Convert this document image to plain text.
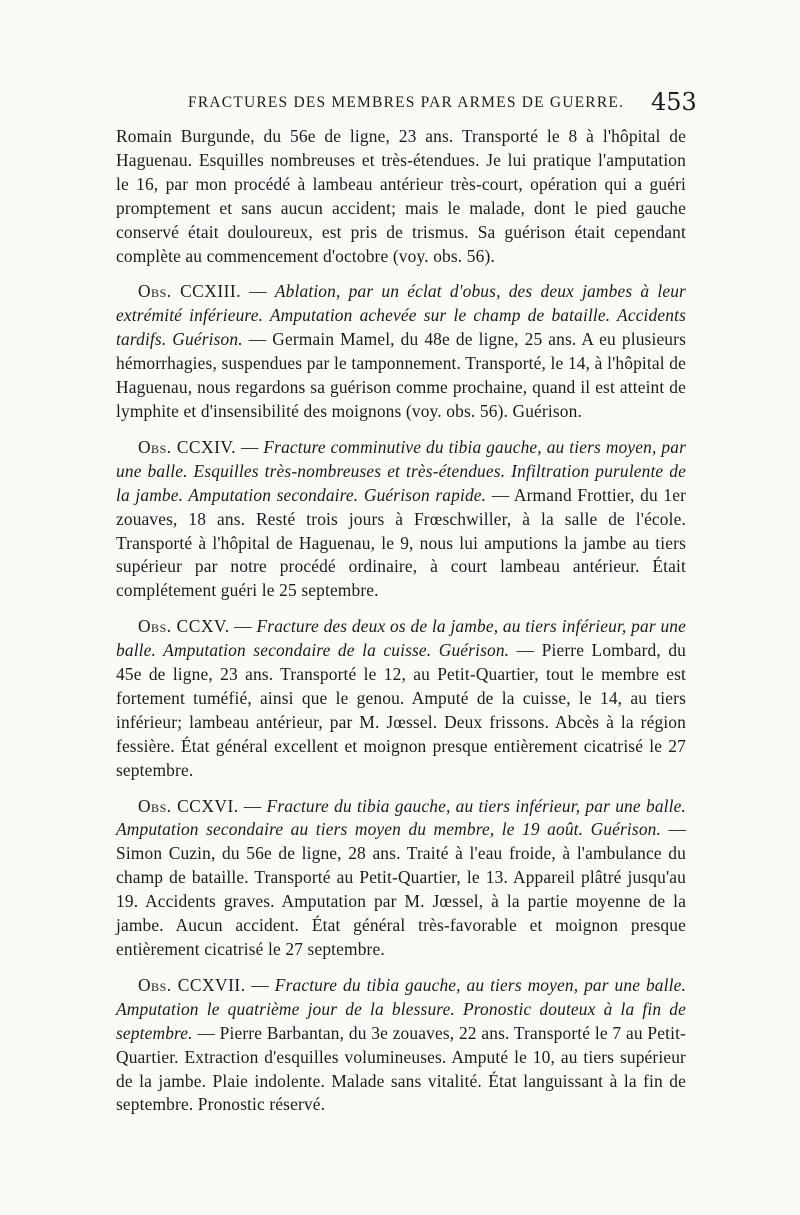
FRACTURES DES MEMBRES PAR ARMES DE GUERRE. 453

Romain Burgunde, du 56e de ligne, 23 ans. Transporté le 8 à l'hôpital de Haguenau. Esquilles nombreuses et très-étendues. Je lui pratique l'amputation le 16, par mon procédé à lambeau antérieur très-court, opération qui a guéri promptement et sans aucun accident; mais le malade, dont le pied gauche conservé était douloureux, est pris de trismus. Sa guérison était cependant complète au commencement d'octobre (voy. obs. 56).

Obs. CCXIII. — Ablation, par un éclat d'obus, des deux jambes à leur extrémité inférieure. Amputation achevée sur le champ de bataille. Accidents tardifs. Guérison. — Germain Mamel, du 48e de ligne, 25 ans. A eu plusieurs hémorrhagies, suspendues par le tamponnement. Transporté, le 14, à l'hôpital de Haguenau, nous regardons sa guérison comme prochaine, quand il est atteint de lymphite et d'insensibilité des moignons (voy. obs. 56). Guérison.

Obs. CCXIV. — Fracture comminutive du tibia gauche, au tiers moyen, par une balle. Esquilles très-nombreuses et très-étendues. Infiltration purulente de la jambe. Amputation secondaire. Guérison rapide. — Armand Frottier, du 1er zouaves, 18 ans. Resté trois jours à Frœschwiller, à la salle de l'école. Transporté à l'hôpital de Haguenau, le 9, nous lui amputions la jambe au tiers supérieur par notre procédé ordinaire, à court lambeau antérieur. Était complétement guéri le 25 septembre.

Obs. CCXV. — Fracture des deux os de la jambe, au tiers inférieur, par une balle. Amputation secondaire de la cuisse. Guérison. — Pierre Lombard, du 45e de ligne, 23 ans. Transporté le 12, au Petit-Quartier, tout le membre est fortement tuméfié, ainsi que le genou. Amputé de la cuisse, le 14, au tiers inférieur; lambeau antérieur, par M. Jœssel. Deux frissons. Abcès à la région fessière. État général excellent et moignon presque entièrement cicatrisé le 27 septembre.

Obs. CCXVI. — Fracture du tibia gauche, au tiers inférieur, par une balle. Amputation secondaire au tiers moyen du membre, le 19 août. Guérison. — Simon Cuzin, du 56e de ligne, 28 ans. Traité à l'eau froide, à l'ambulance du champ de bataille. Transporté au Petit-Quartier, le 13. Appareil plâtré jusqu'au 19. Accidents graves. Amputation par M. Jœssel, à la partie moyenne de la jambe. Aucun accident. État général très-favorable et moignon presque entièrement cicatrisé le 27 septembre.

Obs. CCXVII. — Fracture du tibia gauche, au tiers moyen, par une balle. Amputation le quatrième jour de la blessure. Pronostic douteux à la fin de septembre. — Pierre Barbantan, du 3e zouaves, 22 ans. Transporté le 7 au Petit-Quartier. Extraction d'esquilles volumineuses. Amputé le 10, au tiers supérieur de la jambe. Plaie indolente. Malade sans vitalité. État languissant à la fin de septembre. Pronostic réservé.
